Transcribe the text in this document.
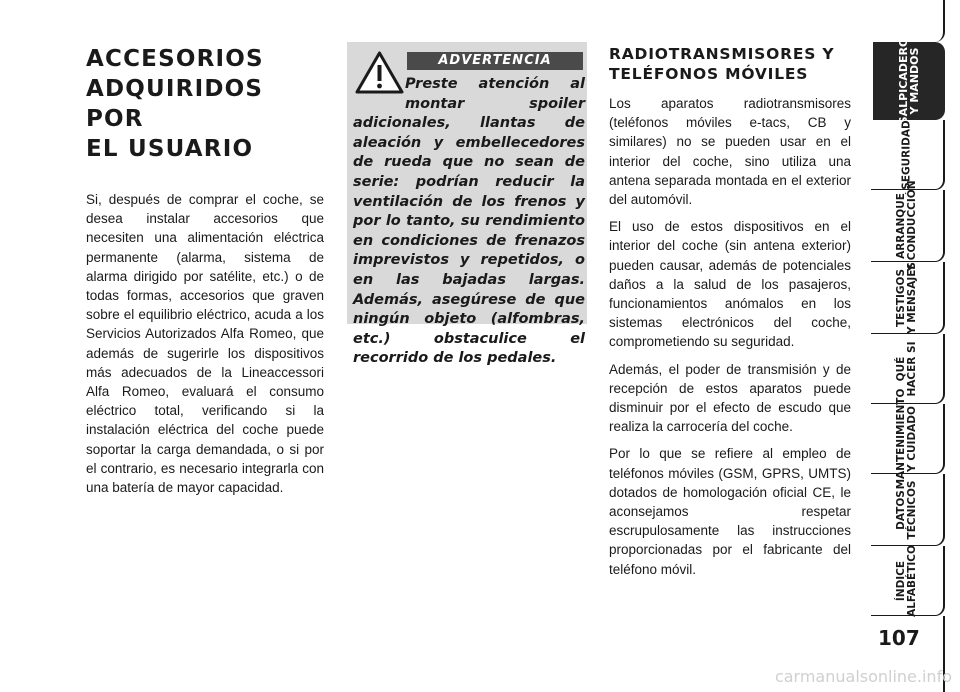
ACCESORIOS
ADQUIRIDOS POR
EL USUARIO

Si, después de comprar el coche, se desea instalar accesorios que necesiten una alimentación eléctrica permanente (alarma, sistema de alarma dirigido por satélite, etc.) o de todas formas, accesorios que graven sobre el equilibrio eléctrico, acuda a los Servicios Autorizados Alfa Romeo, que además de sugerirle los dispositivos más adecuados de la Lineaccessori Alfa Romeo, evaluará el consumo eléctrico total, verificando si la instalación eléctrica del coche puede soportar la carga demandada, o si por el contrario, es necesario integrarla con una batería de mayor capacidad.

ADVERTENCIA
Preste atención al montar spoiler adicionales, llantas de aleación y embellecedores de rueda que no sean de serie: podrían reducir la ventilación de los frenos y por lo tanto, su rendimiento en condiciones de frenazos imprevistos y repetidos, o en las bajadas largas. Además, asegúrese de que ningún objeto (alfombras, etc.) obstaculice el recorrido de los pedales.
RADIOTRANSMISORES Y
TELÉFONOS MÓVILES

Los aparatos radiotransmisores (teléfonos móviles e-tacs, CB y similares) no se pueden usar en el interior del coche, sino utiliza una antena separada montada en el exterior del automóvil.

El uso de estos dispositivos en el interior del coche (sin antena exterior) pueden causar, además de potenciales daños a la salud de los pasajeros, funcionamientos anómalos en los sistemas electrónicos del coche, comprometiendo su seguridad.

Además, el poder de transmisión y de recepción de estos aparatos puede disminuir por el efecto de escudo que realiza la carrocería del coche.

Por lo que se refiere al empleo de teléfonos móviles (GSM, GPRS, UMTS) dotados de homologación oficial CE, le aconsejamos respetar escrupulosamente las instrucciones proporcionadas por el fabricante del teléfono móvil.

SALPICADERO
Y MANDOS
SEGURIDAD
ARRANQUE
Y CONDUCCIÓN
TESTIGOS
Y MENSAJES
QUÉ
HACER SI
MANTENIMIENTO
Y CUIDADO
DATOS
TÉCNICOS
ÍNDICE
ALFABÉTICO
107
carmanualsonline.info
